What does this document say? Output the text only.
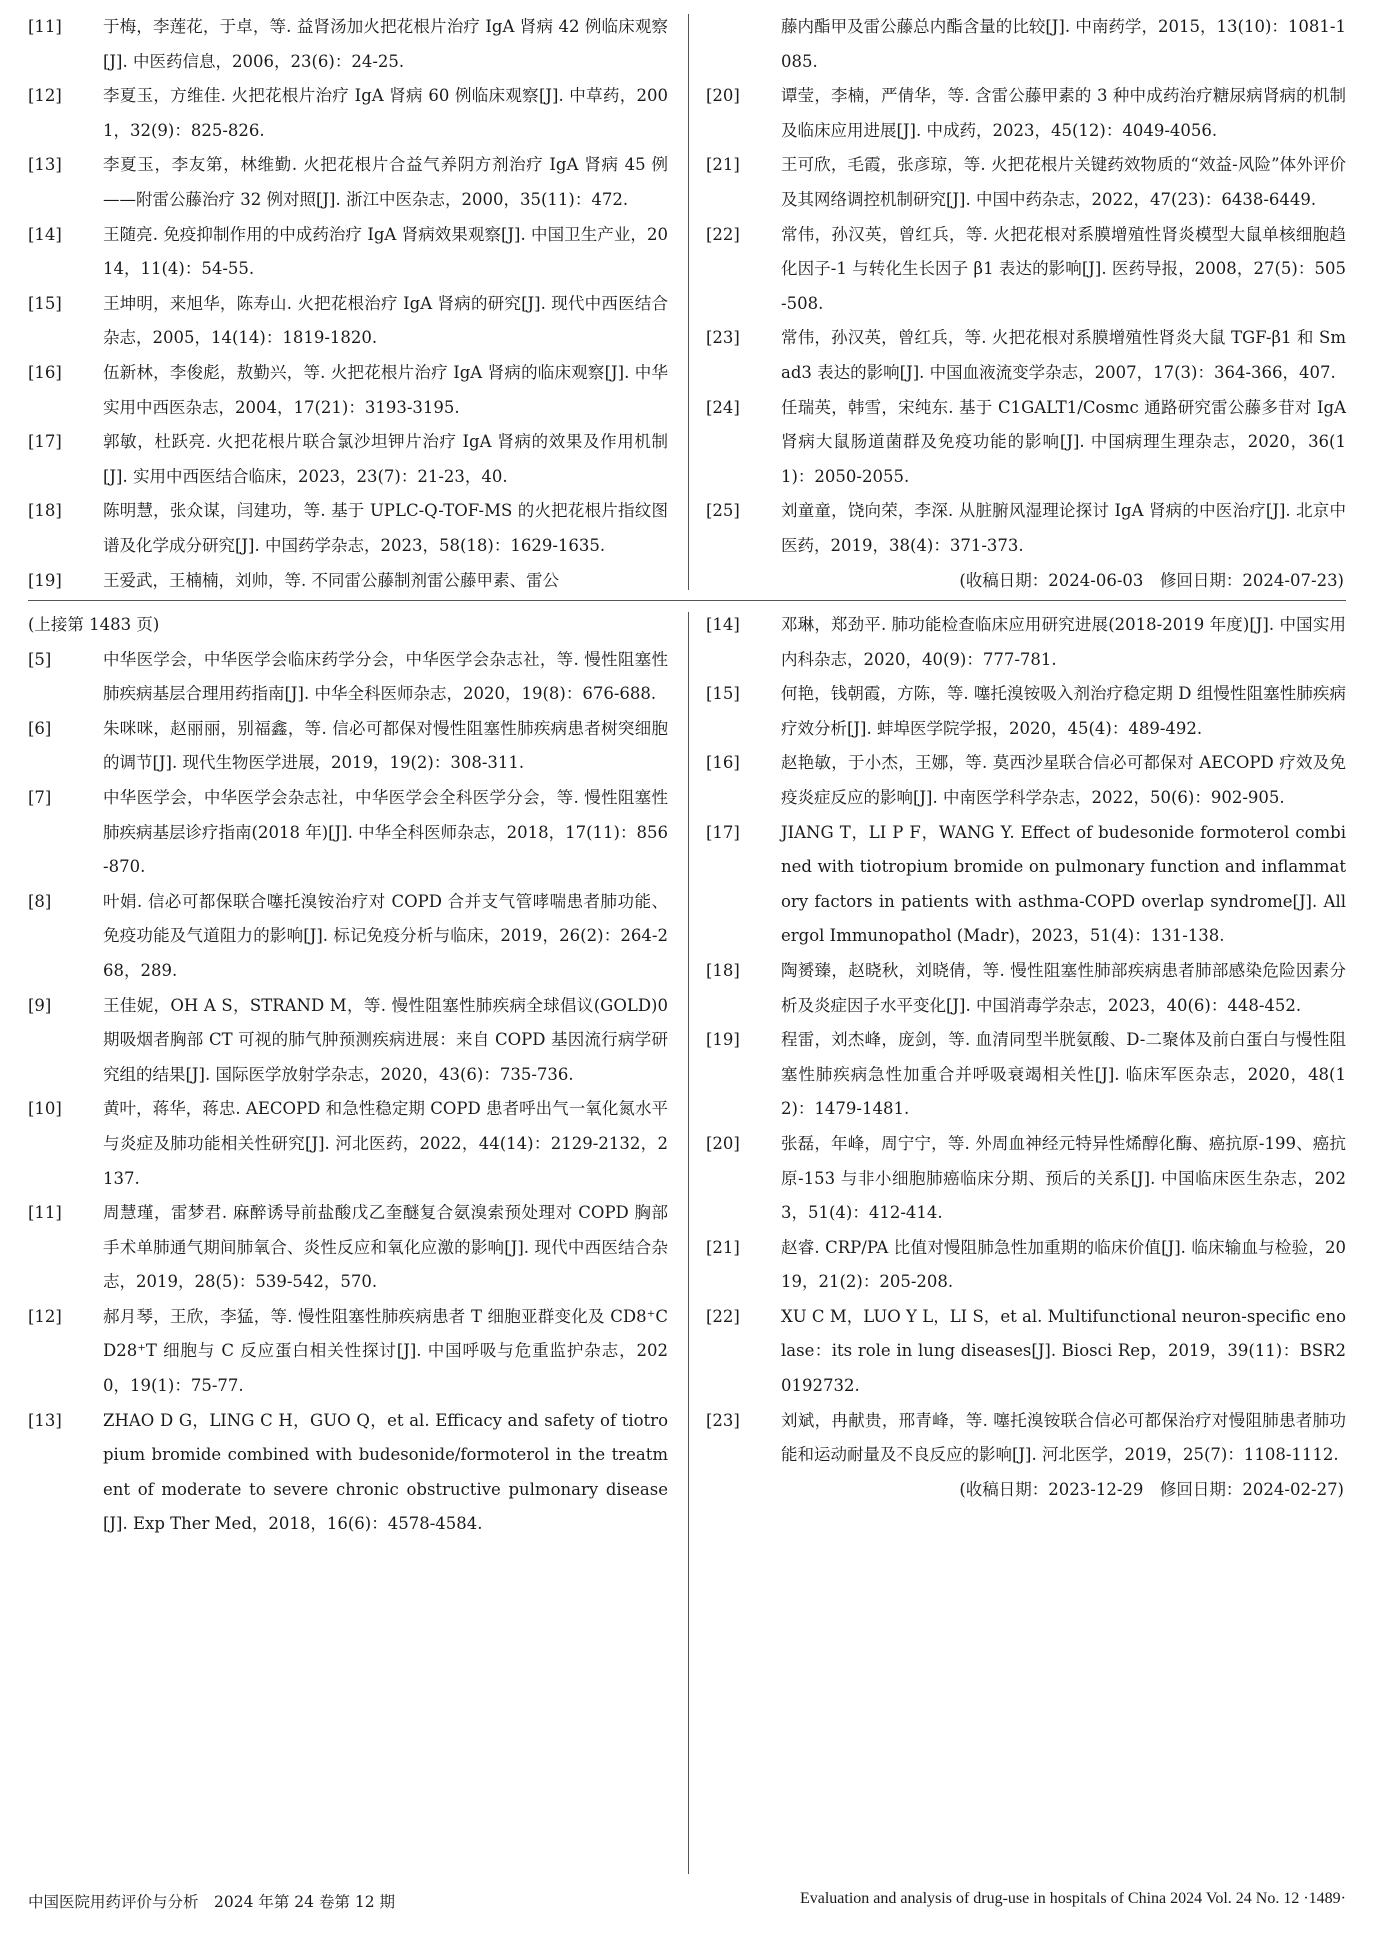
[11]	于梅，李莲花，于卓，等. 益肾汤加火把花根片治疗 IgA 肾病 42 例临床观察[J]. 中医药信息，2006，23(6)：24-25.
[12]	李夏玉，方维佳. 火把花根片治疗 IgA 肾病 60 例临床观察[J]. 中草药，2001，32(9)：825-826.
[13]	李夏玉，李友第，林维勤. 火把花根片合益气养阴方剂治疗 IgA 肾病 45 例——附雷公藤治疗 32 例对照[J]. 浙江中医杂志，2000，35(11)：472.
[14]	王随亮. 免疫抑制作用的中成药治疗 IgA 肾病效果观察[J]. 中国卫生产业，2014，11(4)：54-55.
[15]	王坤明，来旭华，陈寿山. 火把花根治疗 IgA 肾病的研究[J]. 现代中西医结合杂志，2005，14(14)：1819-1820.
[16]	伍新林，李俊彪，敖勤兴，等. 火把花根片治疗 IgA 肾病的临床观察[J]. 中华实用中西医杂志，2004，17(21)：3193-3195.
[17]	郭敏，杜跃亮. 火把花根片联合氯沙坦钾片治疗 IgA 肾病的效果及作用机制[J]. 实用中西医结合临床，2023，23(7)：21-23，40.
[18]	陈明慧，张众谋，闫建功，等. 基于 UPLC-Q-TOF-MS 的火把花根片指纹图谱及化学成分研究[J]. 中国药学杂志，2023，58(18)：1629-1635.
[19]	王爱武，王楠楠，刘帅，等. 不同雷公藤制剂雷公藤甲素、雷公
藤内酯甲及雷公藤总内酯含量的比较[J]. 中南药学，2015，13(10)：1081-1085.
[20]	谭莹，李楠，严倩华，等. 含雷公藤甲素的 3 种中成药治疗糖尿病肾病的机制及临床应用进展[J]. 中成药，2023，45(12)：4049-4056.
[21]	王可欣，毛霞，张彦琼，等. 火把花根片关键药效物质的“效益-风险”体外评价及其网络调控机制研究[J]. 中国中药杂志，2022，47(23)：6438-6449.
[22]	常伟，孙汉英，曾红兵，等. 火把花根对系膜增殖性肾炎模型大鼠单核细胞趋化因子-1 与转化生长因子 β1 表达的影响[J]. 医药导报，2008，27(5)：505-508.
[23]	常伟，孙汉英，曾红兵，等. 火把花根对系膜增殖性肾炎大鼠 TGF-β1 和 Smad3 表达的影响[J]. 中国血液流变学杂志，2007，17(3)：364-366，407.
[24]	任瑞英，韩雪，宋纯东. 基于 C1GALT1/Cosmc 通路研究雷公藤多苷对 IgA 肾病大鼠肠道菌群及免疫功能的影响[J]. 中国病理生理杂志，2020，36(11)：2050-2055.
[25]	刘童童，饶向荣，李深. 从脏腑风湿理论探讨 IgA 肾病的中医治疗[J]. 北京中医药，2019，38(4)：371-373.
(收稿日期：2024-06-03　修回日期：2024-07-23)
(上接第 1483 页)
[5]	中华医学会，中华医学会临床药学分会，中华医学会杂志社，等. 慢性阻塞性肺疾病基层合理用药指南[J]. 中华全科医师杂志，2020，19(8)：676-688.
[6]	朱咪咪，赵丽丽，别福鑫，等. 信必可都保对慢性阻塞性肺疾病患者树突细胞的调节[J]. 现代生物医学进展，2019，19(2)：308-311.
[7]	中华医学会，中华医学会杂志社，中华医学会全科医学分会，等. 慢性阻塞性肺疾病基层诊疗指南(2018 年)[J]. 中华全科医师杂志，2018，17(11)：856-870.
[8]	叶娟. 信必可都保联合噻托溴铵治疗对 COPD 合并支气管哮喘患者肺功能、免疫功能及气道阻力的影响[J]. 标记免疫分析与临床，2019，26(2)：264-268，289.
[9]	王佳妮，OH A S，STRAND M，等. 慢性阻塞性肺疾病全球倡议(GOLD)0 期吸烟者胸部 CT 可视的肺气肿预测疾病进展：来自 COPD 基因流行病学研究组的结果[J]. 国际医学放射学杂志，2020，43(6)：735-736.
[10]	黄叶，蒋华，蒋忠. AECOPD 和急性稳定期 COPD 患者呼出气一氧化氮水平与炎症及肺功能相关性研究[J]. 河北医药，2022，44(14)：2129-2132，2137.
[11]	周慧瑾，雷梦君. 麻醉诱导前盐酸戊乙奎醚复合氨溴索预处理对 COPD 胸部手术单肺通气期间肺氧合、炎性反应和氧化应激的影响[J]. 现代中西医结合杂志，2019，28(5)：539-542，570.
[12]	郝月琴，王欣，李猛，等. 慢性阻塞性肺疾病患者 T 细胞亚群变化及 CD8⁺CD28⁺T 细胞与 C 反应蛋白相关性探讨[J]. 中国呼吸与危重监护杂志，2020，19(1)：75-77.
[13]	ZHAO D G，LING C H，GUO Q，et al. Efficacy and safety of tiotropium bromide combined with budesonide/formoterol in the treatment of moderate to severe chronic obstructive pulmonary disease[J]. Exp Ther Med，2018，16(6)：4578-4584.
[14]	邓琳，郑劲平. 肺功能检查临床应用研究进展(2018-2019 年度)[J]. 中国实用内科杂志，2020，40(9)：777-781.
[15]	何艳，钱朝霞，方陈，等. 噻托溴铵吸入剂治疗稳定期 D 组慢性阻塞性肺疾病疗效分析[J]. 蚌埠医学院学报，2020，45(4)：489-492.
[16]	赵艳敏，于小杰，王娜，等. 莫西沙星联合信必可都保对 AECOPD 疗效及免疫炎症反应的影响[J]. 中南医学科学杂志，2022，50(6)：902-905.
[17]	JIANG T，LI P F，WANG Y. Effect of budesonide formoterol combined with tiotropium bromide on pulmonary function and inflammatory factors in patients with asthma-COPD overlap syndrome[J]. Allergol Immunopathol (Madr)，2023，51(4)：131-138.
[18]	陶赟臻，赵晓秋，刘晓倩，等. 慢性阻塞性肺部疾病患者肺部感染危险因素分析及炎症因子水平变化[J]. 中国消毒学杂志，2023，40(6)：448-452.
[19]	程雷，刘杰峰，庞剑，等. 血清同型半胱氨酸、D-二聚体及前白蛋白与慢性阻塞性肺疾病急性加重合并呼吸衰竭相关性[J]. 临床军医杂志，2020，48(12)：1479-1481.
[20]	张磊，年峰，周宁宁，等. 外周血神经元特异性烯醇化酶、癌抗原-199、癌抗原-153 与非小细胞肺癌临床分期、预后的关系[J]. 中国临床医生杂志，2023，51(4)：412-414.
[21]	赵睿. CRP/PA 比值对慢阻肺急性加重期的临床价值[J]. 临床输血与检验，2019，21(2)：205-208.
[22]	XU C M，LUO Y L，LI S，et al. Multifunctional neuron-specific enolase：its role in lung diseases[J]. Biosci Rep，2019，39(11)：BSR20192732.
[23]	刘斌，冉献贵，邢青峰，等. 噻托溴铵联合信必可都保治疗对慢阻肺患者肺功能和运动耐量及不良反应的影响[J]. 河北医学，2019，25(7)：1108-1112.
(收稿日期：2023-12-29　修回日期：2024-02-27)
中国医院用药评价与分析　2024 年第 24 卷第 12 期	Evaluation and analysis of drug-use in hospitals of China 2024 Vol. 24 No. 12 ·1489·
